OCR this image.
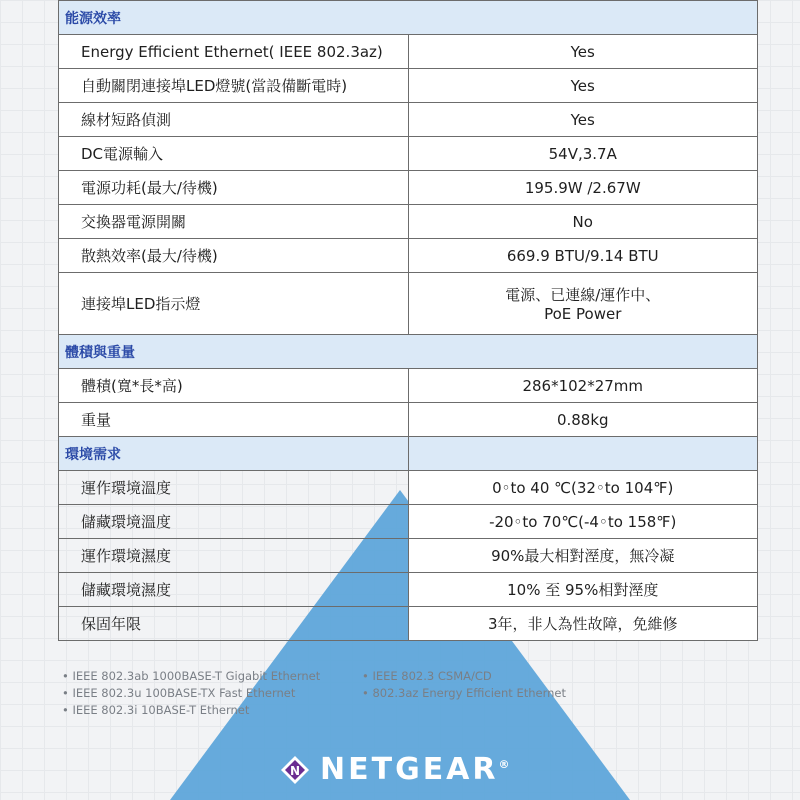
能源效率	
Energy Efficient Ethernet( IEEE 802.3az)	Yes
自動關閉連接埠LED燈號(當設備斷電時)	Yes
線材短路偵測	Yes
DC電源輸入	54V,3.7A
電源功耗(最大/待機)	195.9W /2.67W
交換器電源開關	No
散熱效率(最大/待機)	669.9 BTU/9.14 BTU
連接埠LED指示燈	電源、已連線/運作中、
PoE Power

體積與重量	
體積(寬*長*高)	286*102*27mm
重量	0.88kg
環境需求	
運作環境溫度	0◦to 40 ℃(32◦to 104℉)
儲藏環境溫度	-20◦to 70℃(-4◦to 158℉)
運作環境濕度	90%最大相對溼度，無冷凝
儲藏環境濕度	10% 至 95%相對溼度
保固年限	3年，非人為性故障，免維修
• IEEE 802.3ab 1000BASE-T Gigabit Ethernet
• IEEE 802.3u 100BASE-TX Fast Ethernet
• IEEE 802.3i 10BASE-T Ethernet
• IEEE 802.3 CSMA/CD
• 802.3az Energy Efficient Ethernet
N NETGEAR®
